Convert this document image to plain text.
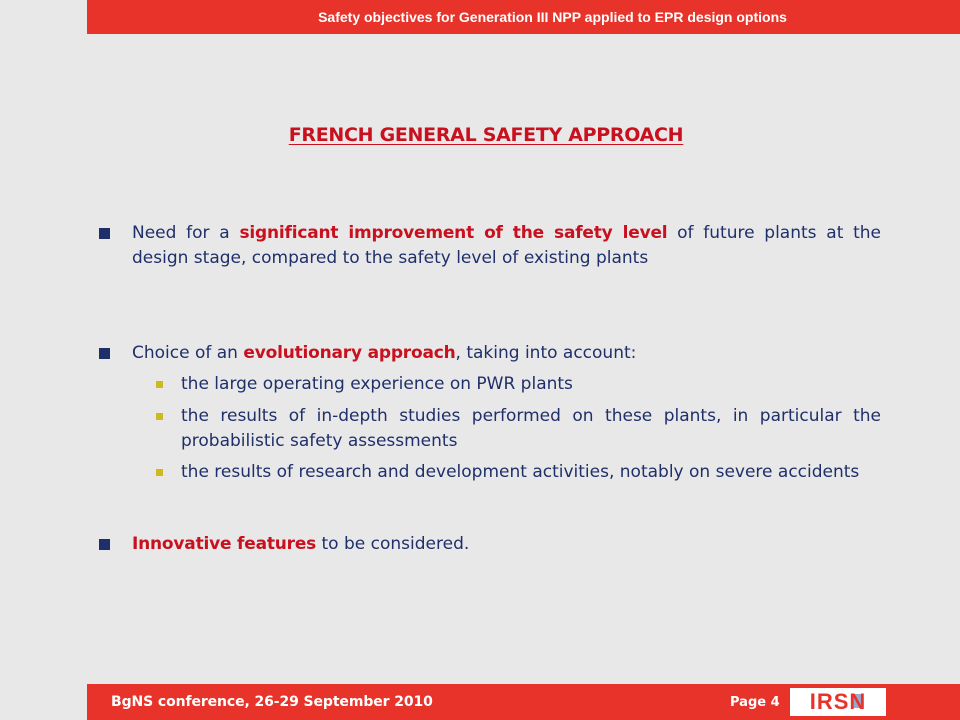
Safety objectives for Generation III NPP applied to EPR design options
FRENCH GENERAL SAFETY APPROACH
Need for a significant improvement of the safety level of future plants at the design stage, compared to the safety level of existing plants
Choice of an evolutionary approach, taking into account:
the large operating experience on PWR plants
the results of in-depth studies performed on these plants, in particular the probabilistic safety assessments
the results of research and development activities, notably on severe accidents
Innovative features to be considered.
BgNS conference, 26-29 September 2010	Page 4	IRS
N
